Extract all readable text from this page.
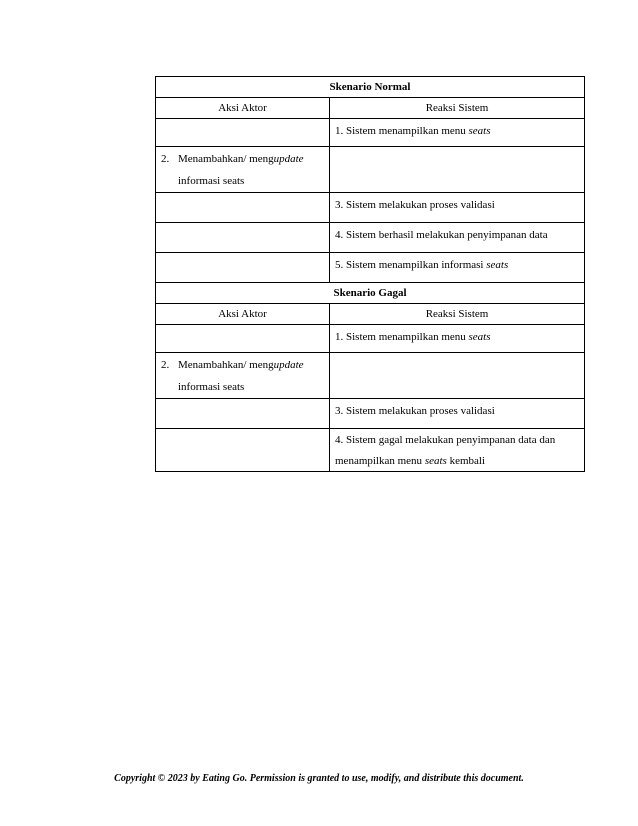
Skenario Normal	
Aksi Aktor	Reaksi Sistem

	1. Sistem menampilkan menu seats

2. Menambahkan/ mengupdate
informasi seats	

	3. Sistem melakukan proses validasi

	4. Sistem berhasil melakukan penyimpanan data

	5. Sistem menampilkan informasi seats

Skenario Gagal	
Aksi Aktor	Reaksi Sistem

	1. Sistem menampilkan menu seats

2. Menambahkan/ mengupdate
informasi seats	

	3. Sistem melakukan proses validasi

	4. Sistem gagal melakukan penyimpanan data dan
menampilkan menu seats kembali
Copyright © 2023 by Eating Go. Permission is granted to use, modify, and distribute this document.
